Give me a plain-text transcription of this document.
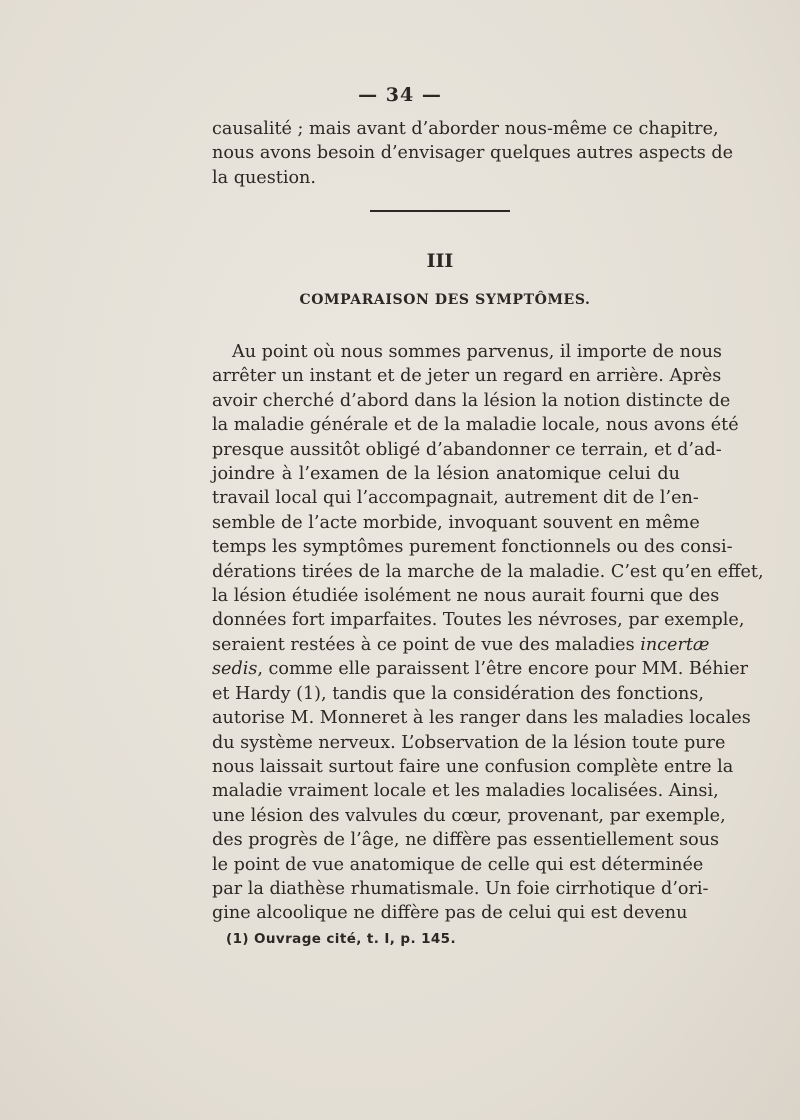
— 34 —
causalité ; mais avant d’aborder nous-même ce chapitre,
nous avons besoin d’envisager quelques autres aspects de
la question.
III
COMPARAISON DES SYMPTÔMES.
Au point où nous sommes parvenus, il importe de nous
arrêter un instant et de jeter un regard en arrière. Après
avoir cherché d’abord dans la lésion la notion distincte de
la maladie générale et de la maladie locale, nous avons été
presque aussitôt obligé d’abandonner ce terrain, et d’ad-
joindre à l’examen de la lésion anatomique celui du
travail local qui l’accompagnait, autrement dit de l’en-
semble de l’acte morbide, invoquant souvent en même
temps les symptômes purement fonctionnels ou des consi-
dérations tirées de la marche de la maladie. C’est qu’en effet,
la lésion étudiée isolément ne nous aurait fourni que des
données fort imparfaites. Toutes les névroses, par exemple,
seraient restées à ce point de vue des maladies incertæ
sedis, comme elle paraissent l’être encore pour MM. Béhier
et Hardy (1), tandis que la considération des fonctions,
autorise M. Monneret à les ranger dans les maladies locales
du système nerveux. L’observation de la lésion toute pure
nous laissait surtout faire une confusion complète entre la
maladie vraiment locale et les maladies localisées. Ainsi,
une lésion des valvules du cœur, provenant, par exemple,
des progrès de l’âge, ne diffère pas essentiellement sous
le point de vue anatomique de celle qui est déterminée
par la diathèse rhumatismale. Un foie cirrhotique d’ori-
gine alcoolique ne diffère pas de celui qui est devenu
(1) Ouvrage cité, t. I, p. 145.
